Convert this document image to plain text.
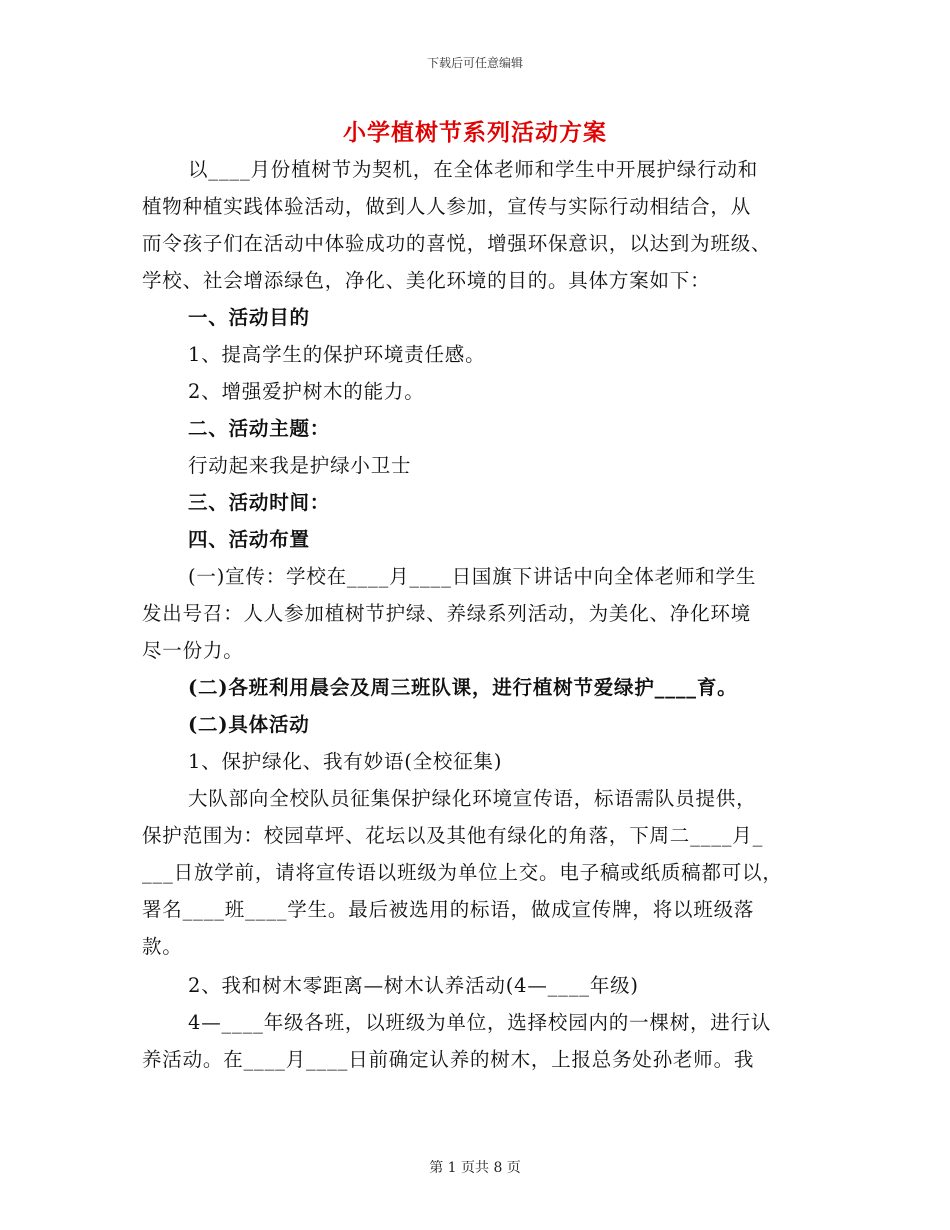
下载后可任意编辑
小学植树节系列活动方案
以____月份植树节为契机，在全体老师和学生中开展护绿行动和
植物种植实践体验活动，做到人人参加，宣传与实际行动相结合，从
而令孩子们在活动中体验成功的喜悦，增强环保意识，以达到为班级、
学校、社会增添绿色，净化、美化环境的目的。具体方案如下：
一、活动目的
1、提高学生的保护环境责任感。
2、增强爱护树木的能力。
二、活动主题：
行动起来我是护绿小卫士
三、活动时间：
四、活动布置
(一)宣传：学校在____月____日国旗下讲话中向全体老师和学生
发出号召：人人参加植树节护绿、养绿系列活动，为美化、净化环境
尽一份力。
(二)各班利用晨会及周三班队课，进行植树节爱绿护____育。
(二)具体活动
1、保护绿化、我有妙语(全校征集)
大队部向全校队员征集保护绿化环境宣传语，标语需队员提供，
保护范围为：校园草坪、花坛以及其他有绿化的角落，下周二____月_
___日放学前，请将宣传语以班级为单位上交。电子稿或纸质稿都可以，
署名____班____学生。最后被选用的标语，做成宣传牌，将以班级落
款。
2、我和树木零距离—树木认养活动(4—____年级)
4—____年级各班，以班级为单位，选择校园内的一棵树，进行认
养活动。在____月____日前确定认养的树木，上报总务处孙老师。我
第 1 页共 8 页
